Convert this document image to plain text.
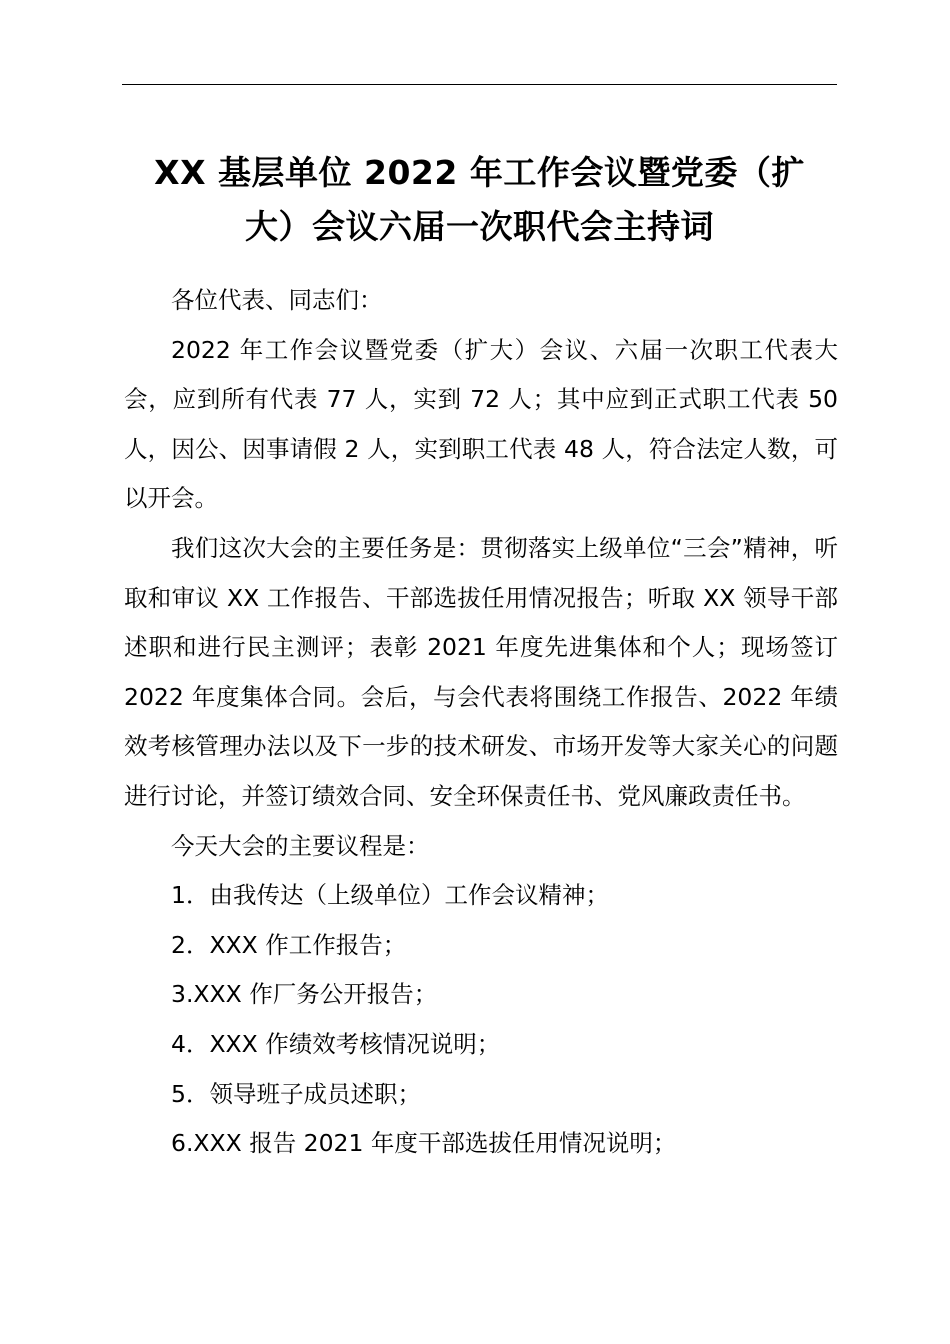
XX 基层单位 2022 年工作会议暨党委（扩
大）会议六届一次职代会主持词

各位代表、同志们：

2022 年工作会议暨党委（扩大）会议、六届一次职工代表大会，应到所有代表 77 人，实到 72 人；其中应到正式职工代表 50 人，因公、因事请假 2 人，实到职工代表 48 人，符合法定人数，可以开会。

我们这次大会的主要任务是：贯彻落实上级单位“三会”精神，听取和审议 XX 工作报告、干部选拔任用情况报告；听取 XX 领导干部述职和进行民主测评；表彰 2021 年度先进集体和个人；现场签订 2022 年度集体合同。会后，与会代表将围绕工作报告、2022 年绩效考核管理办法以及下一步的技术研发、市场开发等大家关心的问题进行讨论，并签订绩效合同、安全环保责任书、党风廉政责任书。

今天大会的主要议程是：

1．由我传达（上级单位）工作会议精神；

2．XXX 作工作报告；

3.XXX 作厂务公开报告；

4．XXX 作绩效考核情况说明；

5．领导班子成员述职；

6.XXX 报告 2021 年度干部选拔任用情况说明；
